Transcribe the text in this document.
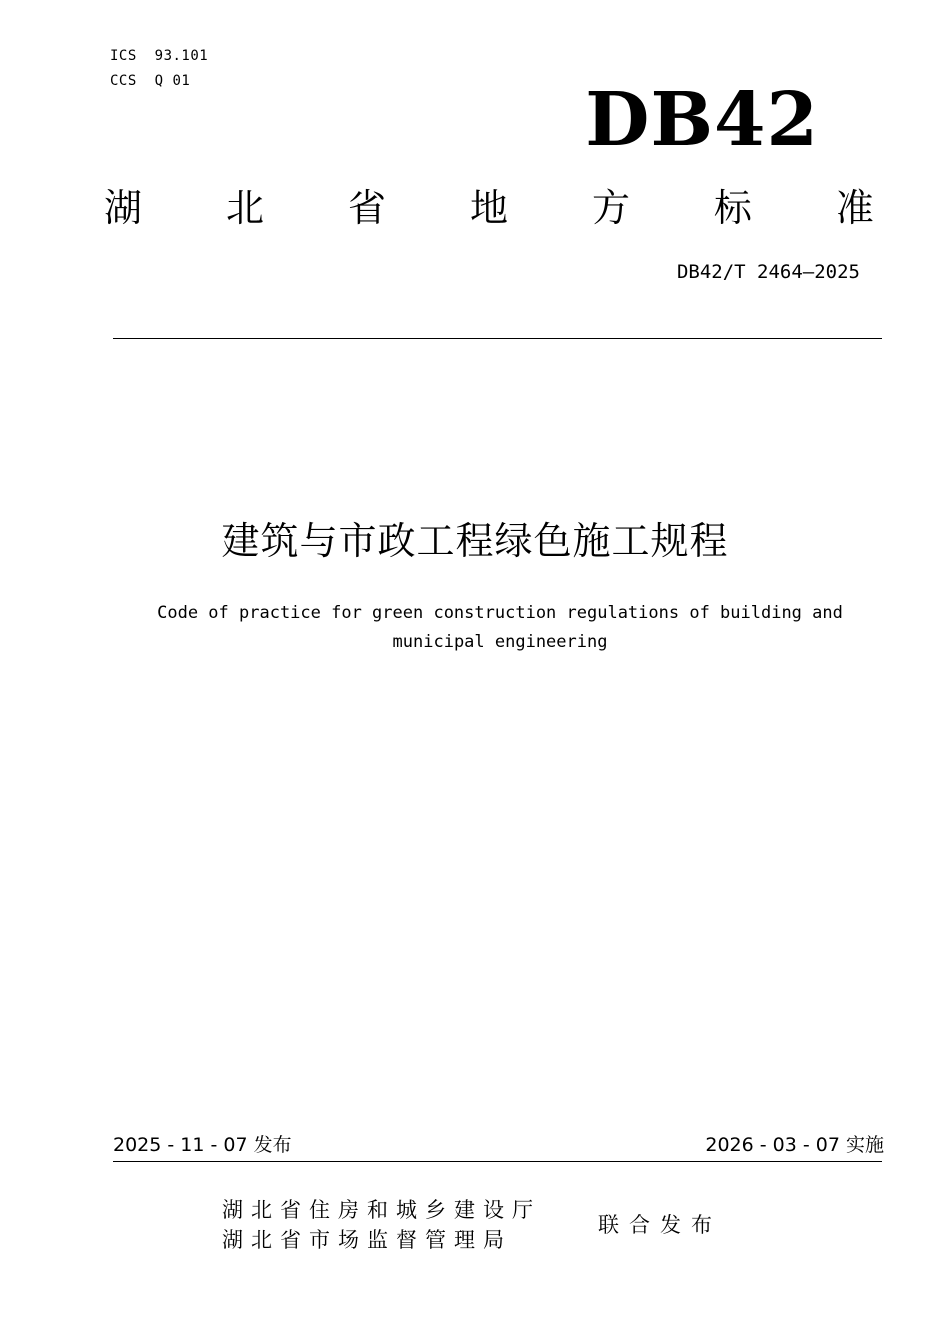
ICS  93.101
CCS  Q 01	DB42
湖 北 省 地 方 标 准
DB42/T 2464—2025
建筑与市政工程绿色施工规程
Code of practice for green construction regulations of building and municipal engineering
2025 - 11 - 07 发布	2026 - 03 - 07 实施
湖北省住房和城乡建设厅
湖北省市场监督管理局
联合发布
